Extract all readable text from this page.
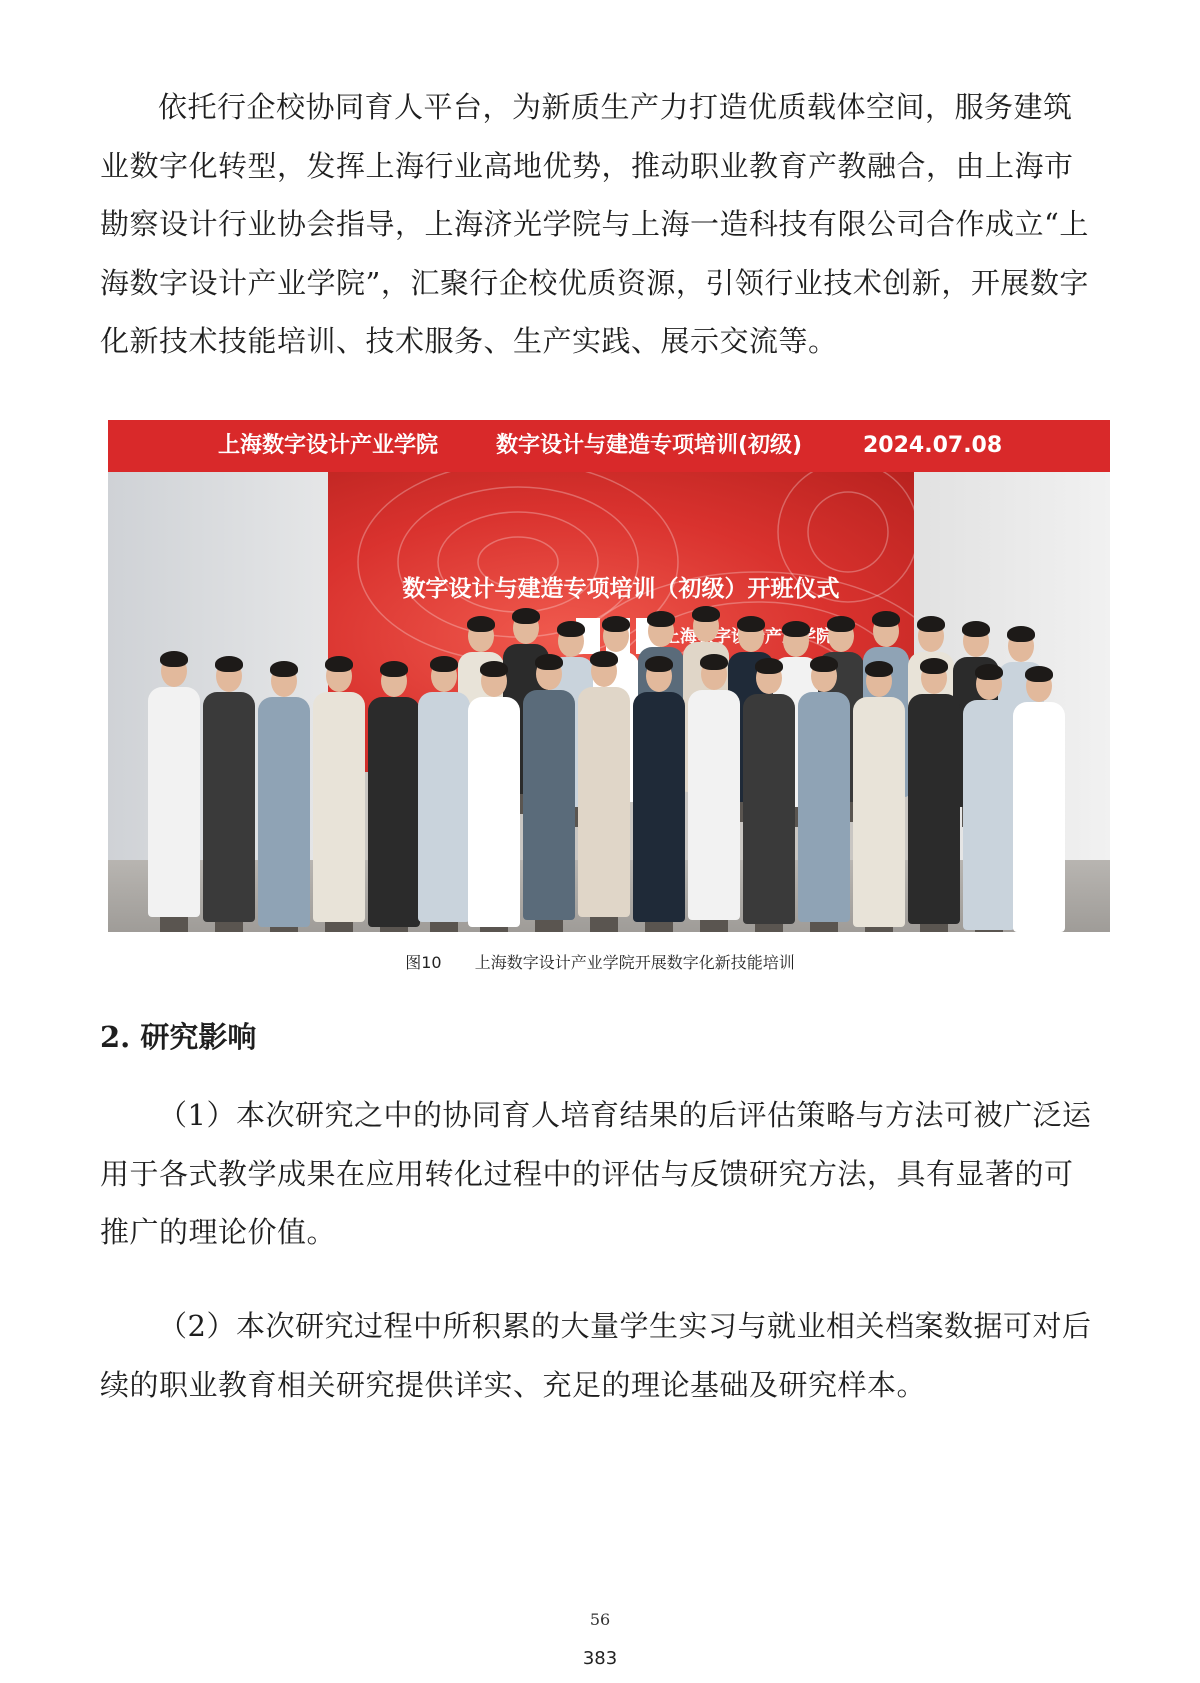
依托行企校协同育人平台，为新质生产力打造优质载体空间，服务建筑业数字化转型，发挥上海行业高地优势，推动职业教育产教融合，由上海市勘察设计行业协会指导，上海济光学院与上海一造科技有限公司合作成立“上海数字设计产业学院”，汇聚行企校优质资源，引领行业技术创新，开展数字化新技术技能培训、技术服务、生产实践、展示交流等。

数字设计与建造专项培训（初级）开班仪式
上海数字设计产业学院	数字设计与建造专项培训(初级)	2024.07.08
图10 上海数字设计产业学院开展数字化新技能培训
2. 研究影响

（1）本次研究之中的协同育人培育结果的后评估策略与方法可被广泛运用于各式教学成果在应用转化过程中的评估与反馈研究方法，具有显著的可推广的理论价值。

（2）本次研究过程中所积累的大量学生实习与就业相关档案数据可对后续的职业教育相关研究提供详实、充足的理论基础及研究样本。

56
383
